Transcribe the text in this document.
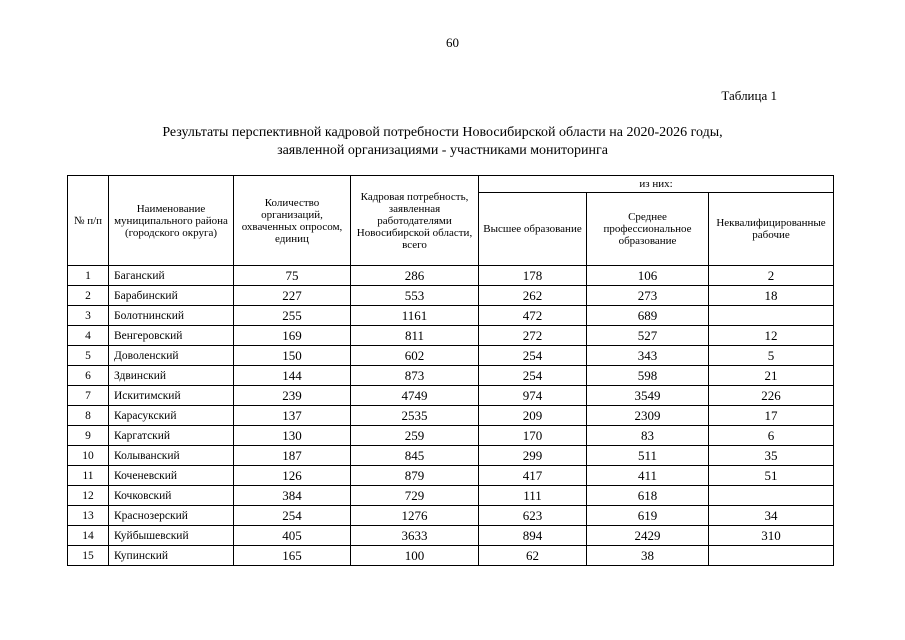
60
Таблица 1
Результаты перспективной кадровой потребности Новосибирской области на 2020-2026 годы,
заявленной организациями - участниками мониторинга
№ п/п	Наименование муниципального района (городского округа)	Количество организаций, охваченных опросом, единиц	Кадровая потребность, заявленная работодателями Новосибирской области, всего	из них:		
				Высшее образование	Среднее профессиональное образование	Неквалифицированные рабочие
1	Баганский	75	286	178	106	2
2	Барабинский	227	553	262	273	18
3	Болотнинский	255	1161	472	689	
4	Венгеровский	169	811	272	527	12
5	Доволенский	150	602	254	343	5
6	Здвинский	144	873	254	598	21
7	Искитимский	239	4749	974	3549	226
8	Карасукский	137	2535	209	2309	17
9	Каргатский	130	259	170	83	6
10	Колыванский	187	845	299	511	35
11	Коченевский	126	879	417	411	51
12	Кочковский	384	729	111	618	
13	Краснозерский	254	1276	623	619	34
14	Куйбышевский	405	3633	894	2429	310
15	Купинский	165	100	62	38	
